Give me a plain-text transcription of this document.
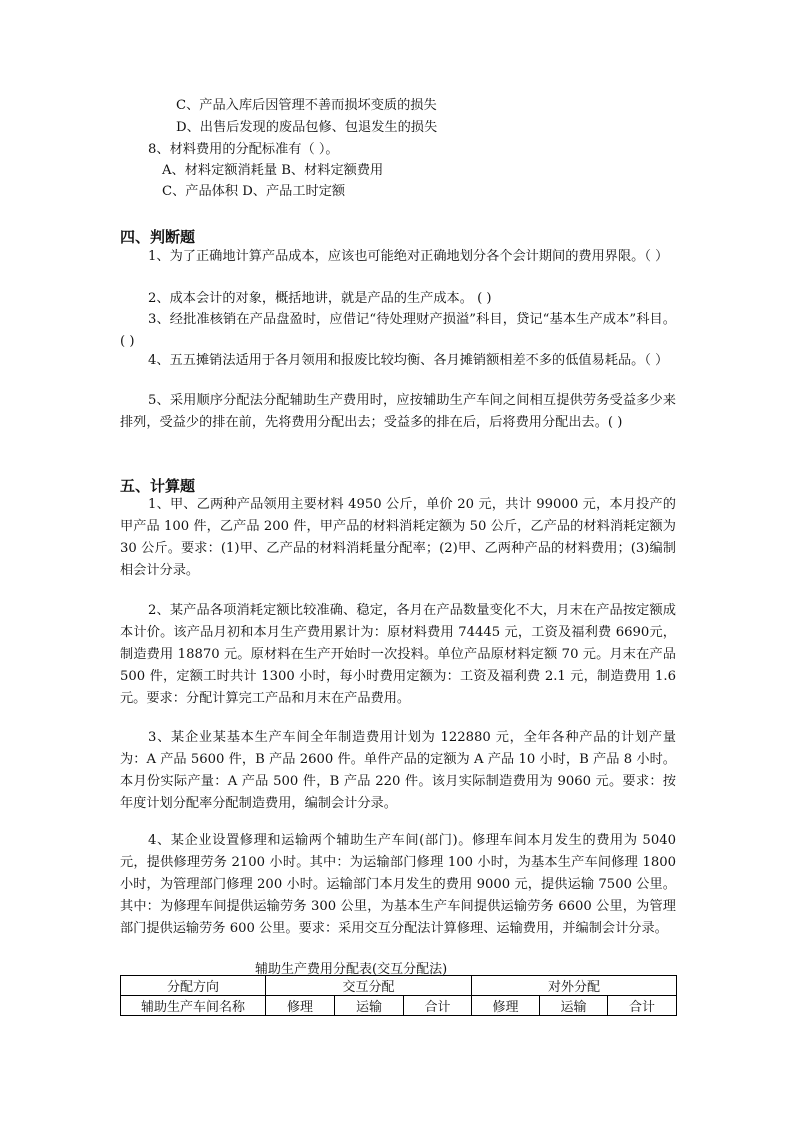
C、产品入库后因管理不善而损坏变质的损失
D、出售后发现的废品包修、包退发生的损失
8、材料费用的分配标准有（ ）。
A、材料定额消耗量 B、材料定额费用
C、产品体积 D、产品工时定额
四、判断题
1、为了正确地计算产品成本，应该也可能绝对正确地划分各个会计期间的费用界限。（ ）
2、成本会计的对象，概括地讲，就是产品的生产成本。 ( )
3、经批准核销在产品盘盈时，应借记“待处理财产损溢”科目，贷记“基本生产成本”科目。( )
4、五五摊销法适用于各月领用和报废比较均衡、各月摊销额相差不多的低值易耗品。（ ）
5、采用顺序分配法分配辅助生产费用时，应按辅助生产车间之间相互提供劳务受益多少来排列，受益少的排在前，先将费用分配出去；受益多的排在后，后将费用分配出去。( )
五、计算题
1、甲、乙两种产品领用主要材料 4950 公斤，单价 20 元，共计 99000 元，本月投产的甲产品 100 件，乙产品 200 件，甲产品的材料消耗定额为 50 公斤，乙产品的材料消耗定额为 30 公斤。要求：(1)甲、乙产品的材料消耗量分配率；(2)甲、乙两种产品的材料费用；(3)编制相会计分录。
2、某产品各项消耗定额比较准确、稳定，各月在产品数量变化不大，月末在产品按定额成本计价。该产品月初和本月生产费用累计为：原材料费用 74445 元，工资及福利费 6690元，制造费用 18870 元。原材料在生产开始时一次投料。单位产品原材料定额 70 元。月末在产品 500 件，定额工时共计 1300 小时，每小时费用定额为：工资及福利费 2.1 元，制造费用 1.6 元。要求：分配计算完工产品和月末在产品费用。
3、某企业某基本生产车间全年制造费用计划为 122880 元，全年各种产品的计划产量为：A 产品 5600 件，B 产品 2600 件。单件产品的定额为 A 产品 10 小时，B 产品 8 小时。本月份实际产量：A 产品 500 件，B 产品 220 件。该月实际制造费用为 9060 元。要求：按年度计划分配率分配制造费用，编制会计分录。
4、某企业设置修理和运输两个辅助生产车间(部门)。修理车间本月发生的费用为 5040元，提供修理劳务 2100 小时。其中：为运输部门修理 100 小时，为基本生产车间修理 1800小时，为管理部门修理 200 小时。运输部门本月发生的费用 9000 元，提供运输 7500 公里。其中：为修理车间提供运输劳务 300 公里，为基本生产车间提供运输劳务 6600 公里，为管理部门提供运输劳务 600 公里。要求：采用交互分配法计算修理、运输费用，并编制会计分录。
辅助生产费用分配表(交互分配法)
分配方向	交互分配			对外分配		
辅助生产车间名称	修理	运输	合计	修理	运输	合计
